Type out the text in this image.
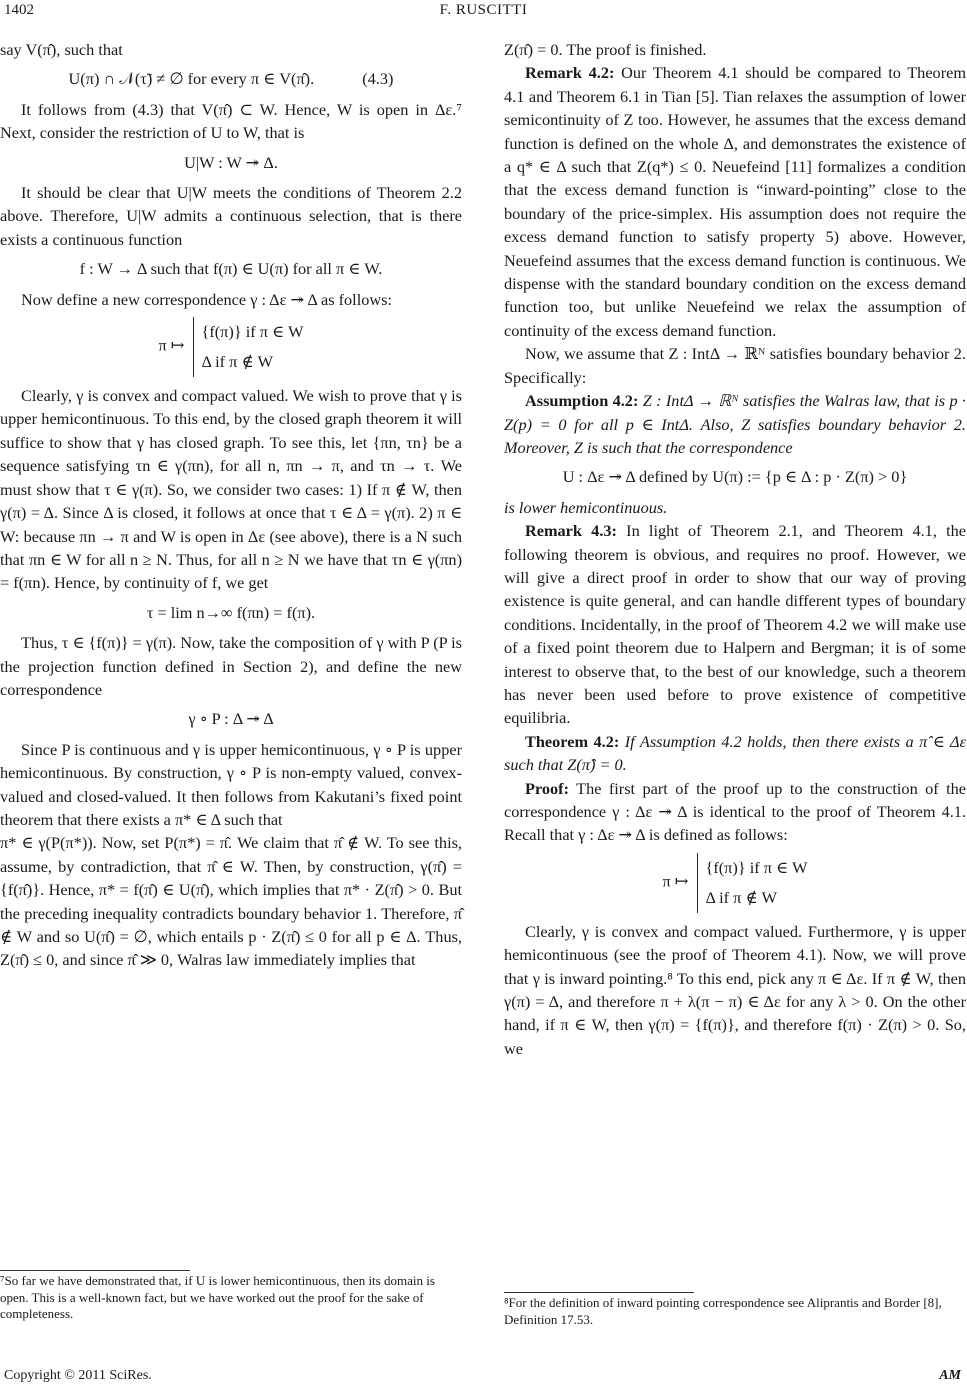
1402	F. RUSCITTI

say V(π̂), such that

U(π) ∩ 𝒩(τ̃) ≠ ∅ for every π ∈ V(π̂).	(4.3)

It follows from (4.3) that V(π̂) ⊂ W. Hence, W is open in Δε.⁷ Next, consider the restriction of U to W, that is

U|W : W ↠ Δ.

It should be clear that U|W meets the conditions of Theorem 2.2 above. Therefore, U|W admits a continuous selection, that is there exists a continuous function

f : W → Δ such that f(π) ∈ U(π) for all π ∈ W.

Now define a new correspondence γ : Δε ↠ Δ as follows:

π ↦ {f(π)} if π ∈ W
Δ if π ∉ W

Clearly, γ is convex and compact valued. We wish to prove that γ is upper hemicontinuous. To this end, by the closed graph theorem it will suffice to show that γ has closed graph. To see this, let {πn, τn} be a sequence satisfying τn ∈ γ(πn), for all n, πn → π, and τn → τ. We must show that τ ∈ γ(π). So, we consider two cases: 1) If π ∉ W, then γ(π) = Δ. Since Δ is closed, it follows at once that τ ∈ Δ = γ(π). 2) π ∈ W: because πn → π and W is open in Δε (see above), there is a N such that πn ∈ W for all n ≥ N. Thus, for all n ≥ N we have that τn ∈ γ(πn) = f(πn). Hence, by continuity of f, we get

τ = lim n→∞ f(πn) = f(π).

Thus, τ ∈ {f(π)} = γ(π). Now, take the composition of γ with P (P is the projection function defined in Section 2), and define the new correspondence

γ ∘ P : Δ ↠ Δ

Since P is continuous and γ is upper hemicontinuous, γ ∘ P is upper hemicontinuous. By construction, γ ∘ P is non-empty valued, convex-valued and closed-valued. It then follows from Kakutani’s fixed point theorem that there exists a π* ∈ Δ such that

π* ∈ γ(P(π*)). Now, set P(π*) = π̂. We claim that π̂ ∉ W. To see this, assume, by contradiction, that π̂ ∈ W. Then, by construction, γ(π̂) = {f(π̂)}. Hence, π* = f(π̂) ∈ U(π̂), which implies that π* · Z(π̂) > 0. But the preceding inequality contradicts boundary behavior 1. Therefore, π̂ ∉ W and so U(π̂) = ∅, which entails p · Z(π̂) ≤ 0 for all p ∈ Δ. Thus, Z(π̂) ≤ 0, and since π̂ ≫ 0, Walras law immediately implies that

Z(π̂) = 0. The proof is finished.

Remark 4.2: Our Theorem 4.1 should be compared to Theorem 4.1 and Theorem 6.1 in Tian [5]. Tian relaxes the assumption of lower semicontinuity of Z too. However, he assumes that the excess demand function is defined on the whole Δ, and demonstrates the existence of a q* ∈ Δ such that Z(q*) ≤ 0. Neuefeind [11] formalizes a condition that the excess demand function is “inward-pointing” close to the boundary of the price-simplex. His assumption does not require the excess demand function to satisfy property 5) above. However, Neuefeind assumes that the excess demand function is continuous. We dispense with the standard boundary condition on the excess demand function too, but unlike Neuefeind we relax the assumption of continuity of the excess demand function.

Now, we assume that Z : IntΔ → ℝᴺ satisfies boundary behavior 2. Specifically:

Assumption 4.2: Z : IntΔ → ℝᴺ satisfies the Walras law, that is p · Z(p) = 0 for all p ∈ IntΔ. Also, Z satisfies boundary behavior 2. Moreover, Z is such that the correspondence

U : Δε ↠ Δ defined by U(π) := {p ∈ Δ : p · Z(π) > 0}

is lower hemicontinuous.

Remark 4.3: In light of Theorem 2.1, and Theorem 4.1, the following theorem is obvious, and requires no proof. However, we will give a direct proof in order to show that our way of proving existence is quite general, and can handle different types of boundary conditions. Incidentally, in the proof of Theorem 4.2 we will make use of a fixed point theorem due to Halpern and Bergman; it is of some interest to observe that, to the best of our knowledge, such a theorem has never been used before to prove existence of competitive equilibria.

Theorem 4.2: If Assumption 4.2 holds, then there exists a π̂ ∈ Δε such that Z(π̂) = 0.

Proof: The first part of the proof up to the construction of the correspondence γ : Δε ↠ Δ is identical to the proof of Theorem 4.1. Recall that γ : Δε ↠ Δ is defined as follows:

π ↦ {f(π)} if π ∈ W
Δ if π ∉ W

Clearly, γ is convex and compact valued. Furthermore, γ is upper hemicontinuous (see the proof of Theorem 4.1). Now, we will prove that γ is inward pointing.⁸ To this end, pick any π ∈ Δε. If π ∉ W, then γ(π) = Δ, and therefore π + λ(π − π) ∈ Δε for any λ > 0. On the other hand, if π ∈ W, then γ(π) = {f(π)}, and therefore f(π) · Z(π) > 0. So, we

⁷So far we have demonstrated that, if U is lower hemicontinuous, then its domain is open. This is a well-known fact, but we have worked out the proof for the sake of completeness.
⁸For the definition of inward pointing correspondence see Aliprantis and Border [8], Definition 17.53.
Copyright © 2011 SciRes.	AM
